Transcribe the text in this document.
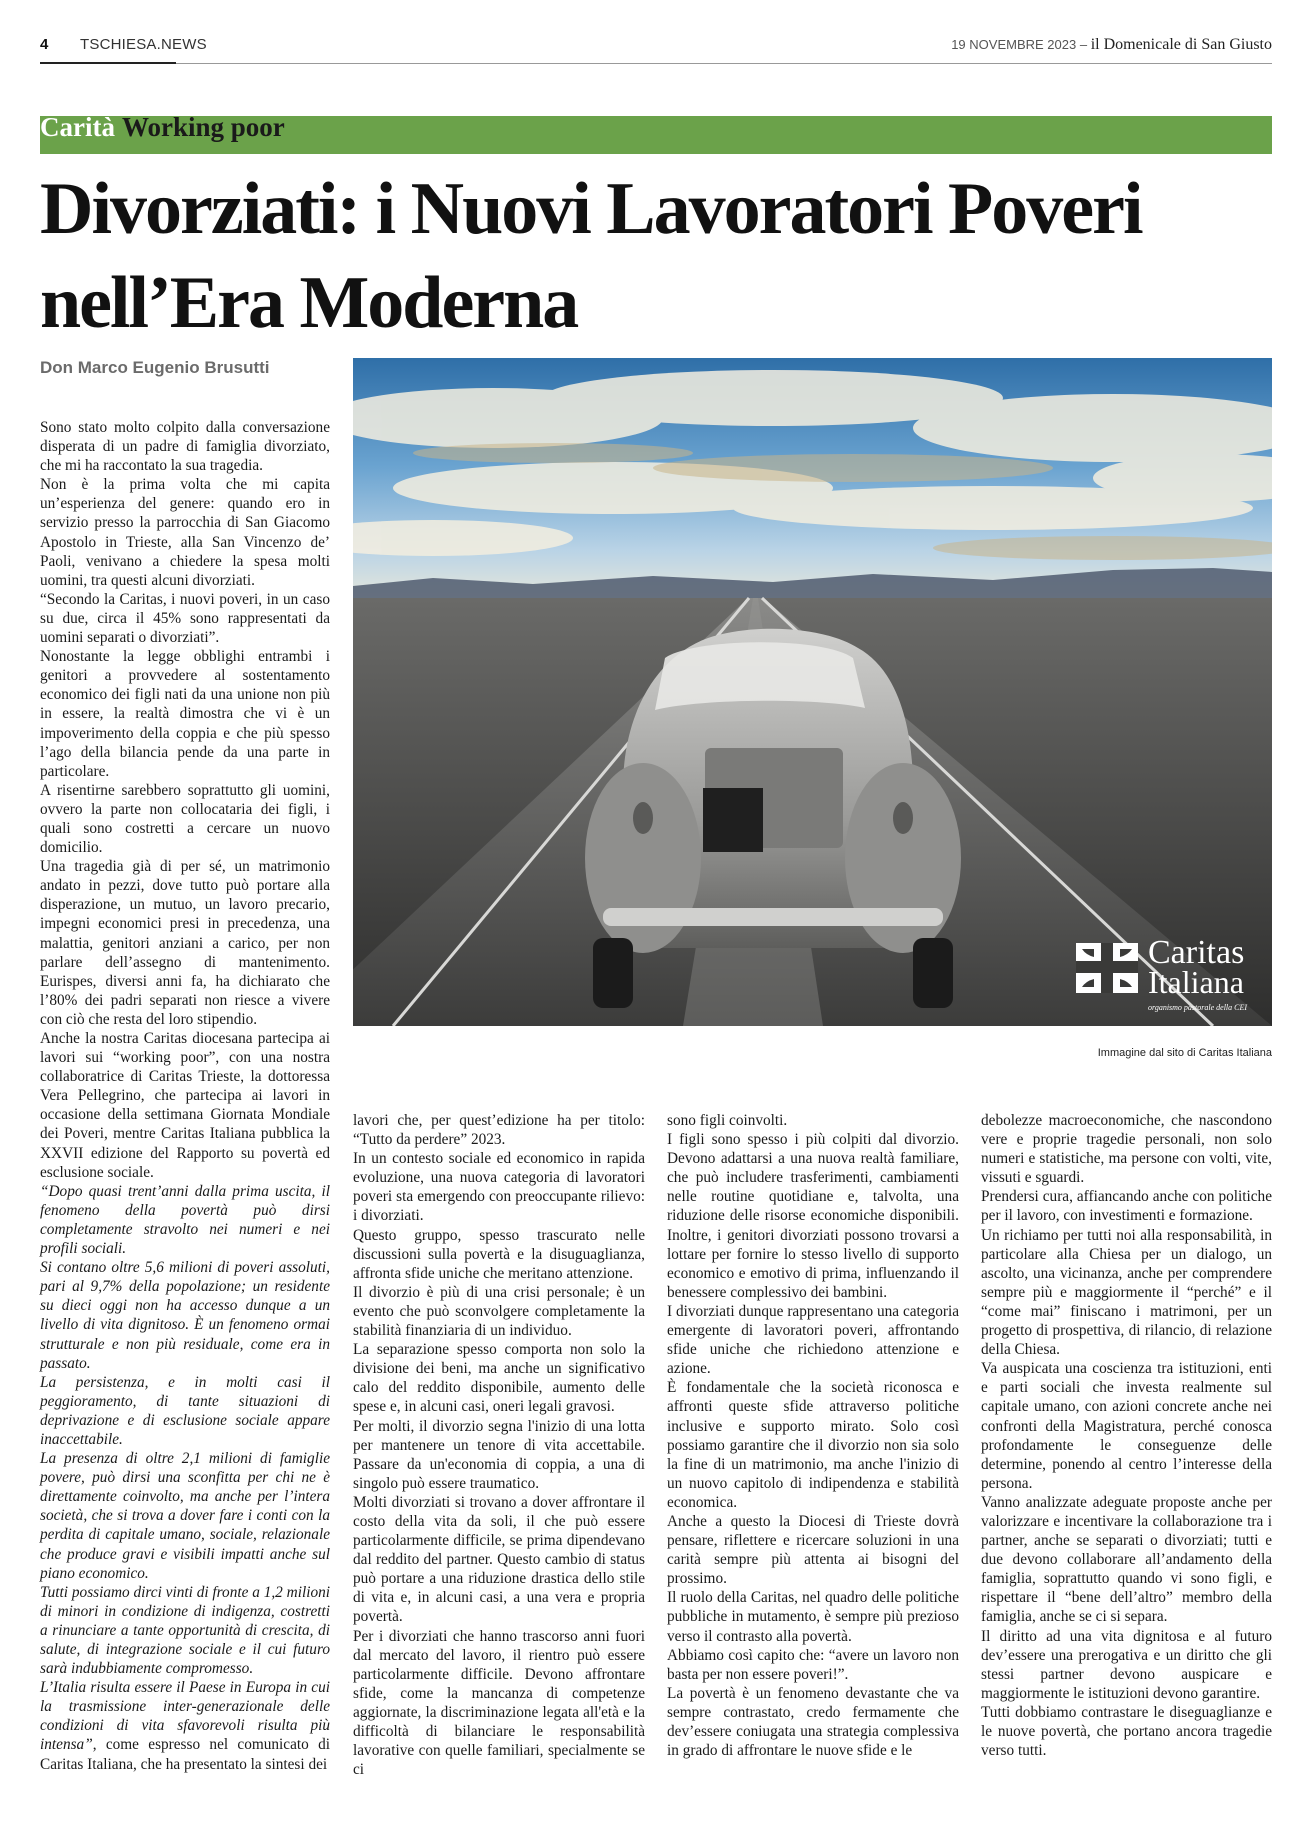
4 TSCHIESA.NEWS	19 NOVEMBRE 2023 – il Domenicale di San Giusto
Carità Working poor
Divorziati: i Nuovi Lavoratori Poveri
nell’Era Moderna
Don Marco Eugenio Brusutti

Sono stato molto colpito dalla conversazione disperata di un padre di famiglia divorziato, che mi ha raccontato la sua tragedia.

Non è la prima volta che mi capita un’esperienza del genere: quando ero in servizio presso la parrocchia di San Giacomo Apostolo in Trieste, alla San Vincenzo de’ Paoli, venivano a chiedere la spesa molti uomini, tra questi alcuni divorziati.

“Secondo la Caritas, i nuovi poveri, in un caso su due, circa il 45% sono rappresentati da uomini separati o divorziati”.

Nonostante la legge obblighi entrambi i genitori a provvedere al sostentamento economico dei figli nati da una unione non più in essere, la realtà dimostra che vi è un impoverimento della coppia e che più spesso l’ago della bilancia pende da una parte in particolare.

A risentirne sarebbero soprattutto gli uomini, ovvero la parte non collocataria dei figli, i quali sono costretti a cercare un nuovo domicilio.

Una tragedia già di per sé, un matrimonio andato in pezzi, dove tutto può portare alla disperazione, un mutuo, un lavoro precario, impegni economici presi in precedenza, una malattia, genitori anziani a carico, per non parlare dell’assegno di mantenimento. Eurispes, diversi anni fa, ha dichiarato che l’80% dei padri separati non riesce a vivere con ciò che resta del loro stipendio.

Anche la nostra Caritas diocesana partecipa ai lavori sui “working poor”, con una nostra collaboratrice di Caritas Trieste, la dottoressa Vera Pellegrino, che partecipa ai lavori in occasione della settimana Giornata Mondiale dei Poveri, mentre Caritas Italiana pubblica la XXVII edizione del Rapporto su povertà ed esclusione sociale.

“Dopo quasi trent’anni dalla prima uscita, il fenomeno della povertà può dirsi completamente stravolto nei numeri e nei profili sociali.

Si contano oltre 5,6 milioni di poveri assoluti, pari al 9,7% della popolazione; un residente su dieci oggi non ha accesso dunque a un livello di vita dignitoso. È un fenomeno ormai strutturale e non più residuale, come era in passato.

La persistenza, e in molti casi il peggioramento, di tante situazioni di deprivazione e di esclusione sociale appare inaccettabile.

La presenza di oltre 2,1 milioni di famiglie povere, può dirsi una sconfitta per chi ne è direttamente coinvolto, ma anche per l’intera società, che si trova a dover fare i conti con la perdita di capitale umano, sociale, relazionale che produce gravi e visibili impatti anche sul piano economico.

Tutti possiamo dirci vinti di fronte a 1,2 milioni di minori in condizione di indigenza, costretti a rinunciare a tante opportunità di crescita, di salute, di integrazione sociale e il cui futuro sarà indubbiamente compromesso.

L’Italia risulta essere il Paese in Europa in cui la trasmissione inter-generazionale delle condizioni di vita sfavorevoli risulta più intensa”, come espresso nel comunicato di Caritas Italiana, che ha presentato la sintesi dei

Caritas
Italiana
organismo pastorale della CEI
Immagine dal sito di Caritas Italiana

lavori che, per quest’edizione ha per titolo: “Tutto da perdere” 2023.

In un contesto sociale ed economico in rapida evoluzione, una nuova categoria di lavoratori poveri sta emergendo con preoccupante rilievo: i divorziati.

Questo gruppo, spesso trascurato nelle discussioni sulla povertà e la disuguaglianza, affronta sfide uniche che meritano attenzione.

Il divorzio è più di una crisi personale; è un evento che può sconvolgere completamente la stabilità finanziaria di un individuo.

La separazione spesso comporta non solo la divisione dei beni, ma anche un significativo calo del reddito disponibile, aumento delle spese e, in alcuni casi, oneri legali gravosi.

Per molti, il divorzio segna l'inizio di una lotta per mantenere un tenore di vita accettabile. Passare da un'economia di coppia, a una di singolo può essere traumatico.

Molti divorziati si trovano a dover affrontare il costo della vita da soli, il che può essere particolarmente difficile, se prima dipendevano dal reddito del partner. Questo cambio di status può portare a una riduzione drastica dello stile di vita e, in alcuni casi, a una vera e propria povertà.

Per i divorziati che hanno trascorso anni fuori dal mercato del lavoro, il rientro può essere particolarmente difficile. Devono affrontare sfide, come la mancanza di competenze aggiornate, la discriminazione legata all'età e la difficoltà di bilanciare le responsabilità lavorative con quelle familiari, specialmente se ci

sono figli coinvolti.

I figli sono spesso i più colpiti dal divorzio. Devono adattarsi a una nuova realtà familiare, che può includere trasferimenti, cambiamenti nelle routine quotidiane e, talvolta, una riduzione delle risorse economiche disponibili. Inoltre, i genitori divorziati possono trovarsi a lottare per fornire lo stesso livello di supporto economico e emotivo di prima, influenzando il benessere complessivo dei bambini.

I divorziati dunque rappresentano una categoria emergente di lavoratori poveri, affrontando sfide uniche che richiedono attenzione e azione.

È fondamentale che la società riconosca e affronti queste sfide attraverso politiche inclusive e supporto mirato. Solo così possiamo garantire che il divorzio non sia solo la fine di un matrimonio, ma anche l'inizio di un nuovo capitolo di indipendenza e stabilità economica.

Anche a questo la Diocesi di Trieste dovrà pensare, riflettere e ricercare soluzioni in una carità sempre più attenta ai bisogni del prossimo.

Il ruolo della Caritas, nel quadro delle politiche pubbliche in mutamento, è sempre più prezioso verso il contrasto alla povertà.

Abbiamo così capito che: “avere un lavoro non basta per non essere poveri!”.

La povertà è un fenomeno devastante che va sempre contrastato, credo fermamente che dev’essere coniugata una strategia complessiva in grado di affrontare le nuove sfide e le

debolezze macroeconomiche, che nascondono vere e proprie tragedie personali, non solo numeri e statistiche, ma persone con volti, vite, vissuti e sguardi.

Prendersi cura, affiancando anche con politiche per il lavoro, con investimenti e formazione.

Un richiamo per tutti noi alla responsabilità, in particolare alla Chiesa per un dialogo, un ascolto, una vicinanza, anche per comprendere sempre più e maggiormente il “perché” e il “come mai” finiscano i matrimoni, per un progetto di prospettiva, di rilancio, di relazione della Chiesa.

Va auspicata una coscienza tra istituzioni, enti e parti sociali che investa realmente sul capitale umano, con azioni concrete anche nei confronti della Magistratura, perché conosca profondamente le conseguenze delle determine, ponendo al centro l’interesse della persona.

Vanno analizzate adeguate proposte anche per valorizzare e incentivare la collaborazione tra i partner, anche se separati o divorziati; tutti e due devono collaborare all’andamento della famiglia, soprattutto quando vi sono figli, e rispettare il “bene dell’altro” membro della famiglia, anche se ci si separa.

Il diritto ad una vita dignitosa e al futuro dev’essere una prerogativa e un diritto che gli stessi partner devono auspicare e maggiormente le istituzioni devono garantire.

Tutti dobbiamo contrastare le diseguaglianze e le nuove povertà, che portano ancora tragedie verso tutti.
